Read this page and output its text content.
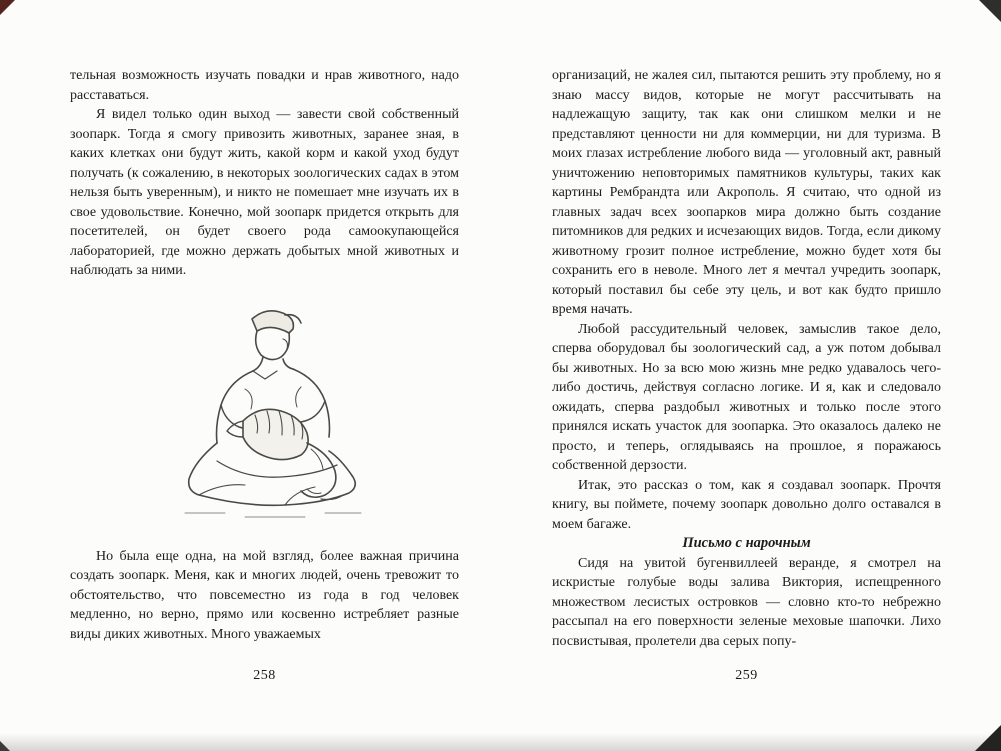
тельная возможность изучать повадки и нрав животного, надо расставаться.

Я видел только один выход — завести свой собственный зоопарк. Тогда я смогу привозить животных, заранее зная, в каких клетках они будут жить, какой корм и какой уход будут получать (к сожалению, в некоторых зоологических садах в этом нельзя быть уверенным), и никто не помешает мне изучать их в свое удовольствие. Конечно, мой зоопарк придется открыть для посетителей, он будет своего рода самоокупающейся лабораторией, где можно держать добытых мной животных и наблюдать за ними.

Но была еще одна, на мой взгляд, более важная причина создать зоопарк. Меня, как и многих людей, очень тревожит то обстоятельство, что повсеместно из года в год человек медленно, но верно, прямо или косвенно истребляет разные виды диких животных. Много уважаемых

организаций, не жалея сил, пытаются решить эту проблему, но я знаю массу видов, которые не могут рассчитывать на надлежащую защиту, так как они слишком мелки и не представляют ценности ни для коммерции, ни для туризма. В моих глазах истребление любого вида — уголовный акт, равный уничтожению неповторимых памятников культуры, таких как картины Рембрандта или Акрополь. Я считаю, что одной из главных задач всех зоопарков мира должно быть создание питомников для редких и исчезающих видов. Тогда, если дикому животному грозит полное истребление, можно будет хотя бы сохранить его в неволе. Много лет я мечтал учредить зоопарк, который поставил бы себе эту цель, и вот как будто пришло время начать.

Любой рассудительный человек, замыслив такое дело, сперва оборудовал бы зоологический сад, а уж потом добывал бы животных. Но за всю мою жизнь мне редко удавалось чего-либо достичь, действуя согласно логике. И я, как и следовало ожидать, сперва раздобыл животных и только после этого принялся искать участок для зоопарка. Это оказалось далеко не просто, и теперь, оглядываясь на прошлое, я поражаюсь собственной дерзости.

Итак, это рассказ о том, как я создавал зоопарк. Прочтя книгу, вы поймете, почему зоопарк довольно долго оставался в моем багаже.

Письмо с нарочным

Сидя на увитой бугенвиллеей веранде, я смотрел на искристые голубые воды залива Виктория, испещренного множеством лесистых островков — словно кто-то небрежно рассыпал на его поверхности зеленые меховые шапочки. Лихо посвистывая, пролетели два серых попу-

258	259
